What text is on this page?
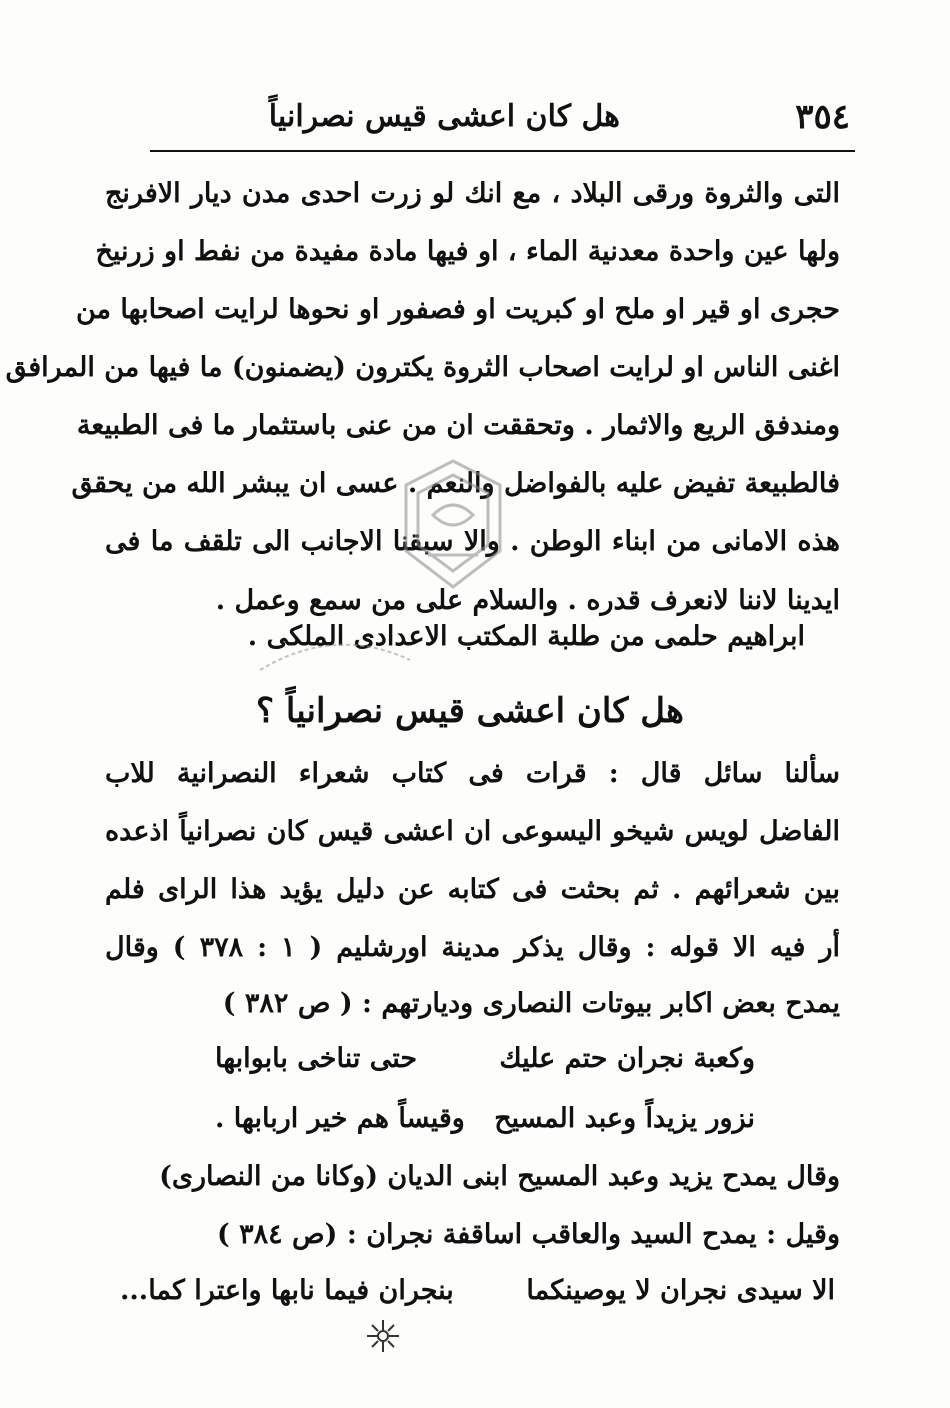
٣٥٤
هل كان اعشى قيس نصرانياً
التى والثروة ورقى البلاد ، مع انك لو زرت احدى مدن ديار الافرنج
ولها عين واحدة معدنية الماء ، او فيها مادة مفيدة من نفط او زرنيخ
حجرى او قير او ملح او كبريت او فصفور او نحوها لرايت اصحابها من
اغنى الناس او لرايت اصحاب الثروة يكترون (يضمنون) ما فيها من المرافق
ومندفق الريع والاثمار . وتحققت ان من عنى باستثمار ما فى الطبيعة
فالطبيعة تفيض عليه بالفواضل والنعم . عسى ان يبشر الله من يحقق
هذه الامانى من ابناء الوطن . والا سبقنا الاجانب الى تلقف ما فى
ايدينا لاننا لانعرف قدره . والسلام على من سمع وعمل .
ابراهيم حلمى من طلبة المكتب الاعدادى الملكى .
هل كان اعشى قيس نصرانياً ؟
سألنا سائل قال : قرات فى كتاب شعراء النصرانية للاب
الفاضل لويس شيخو اليسوعى ان اعشى قيس كان نصرانياً اذعده
بين شعرائهم . ثم بحثت فى كتابه عن دليل يؤيد هذا الراى فلم
أر فيه الا قوله : وقال يذكر مدينة اورشليم ( ١ : ٣٧٨ ) وقال
يمدح بعض اكابر بيوتات النصارى وديارتهم : ( ص ٣٨٢ )
وكعبة نجران حتم عليك
حتى تناخى بابوابها
نزور يزيداً وعبد المسيح
وقيساً هم خير اربابها .
وقال يمدح يزيد وعبد المسيح ابنى الديان (وكانا من النصارى)
وقيل : يمدح السيد والعاقب اساقفة نجران : (ص ٣٨٤ )
الا سيدى نجران لا يوصينكما
بنجران فيما نابها واعترا كما...
